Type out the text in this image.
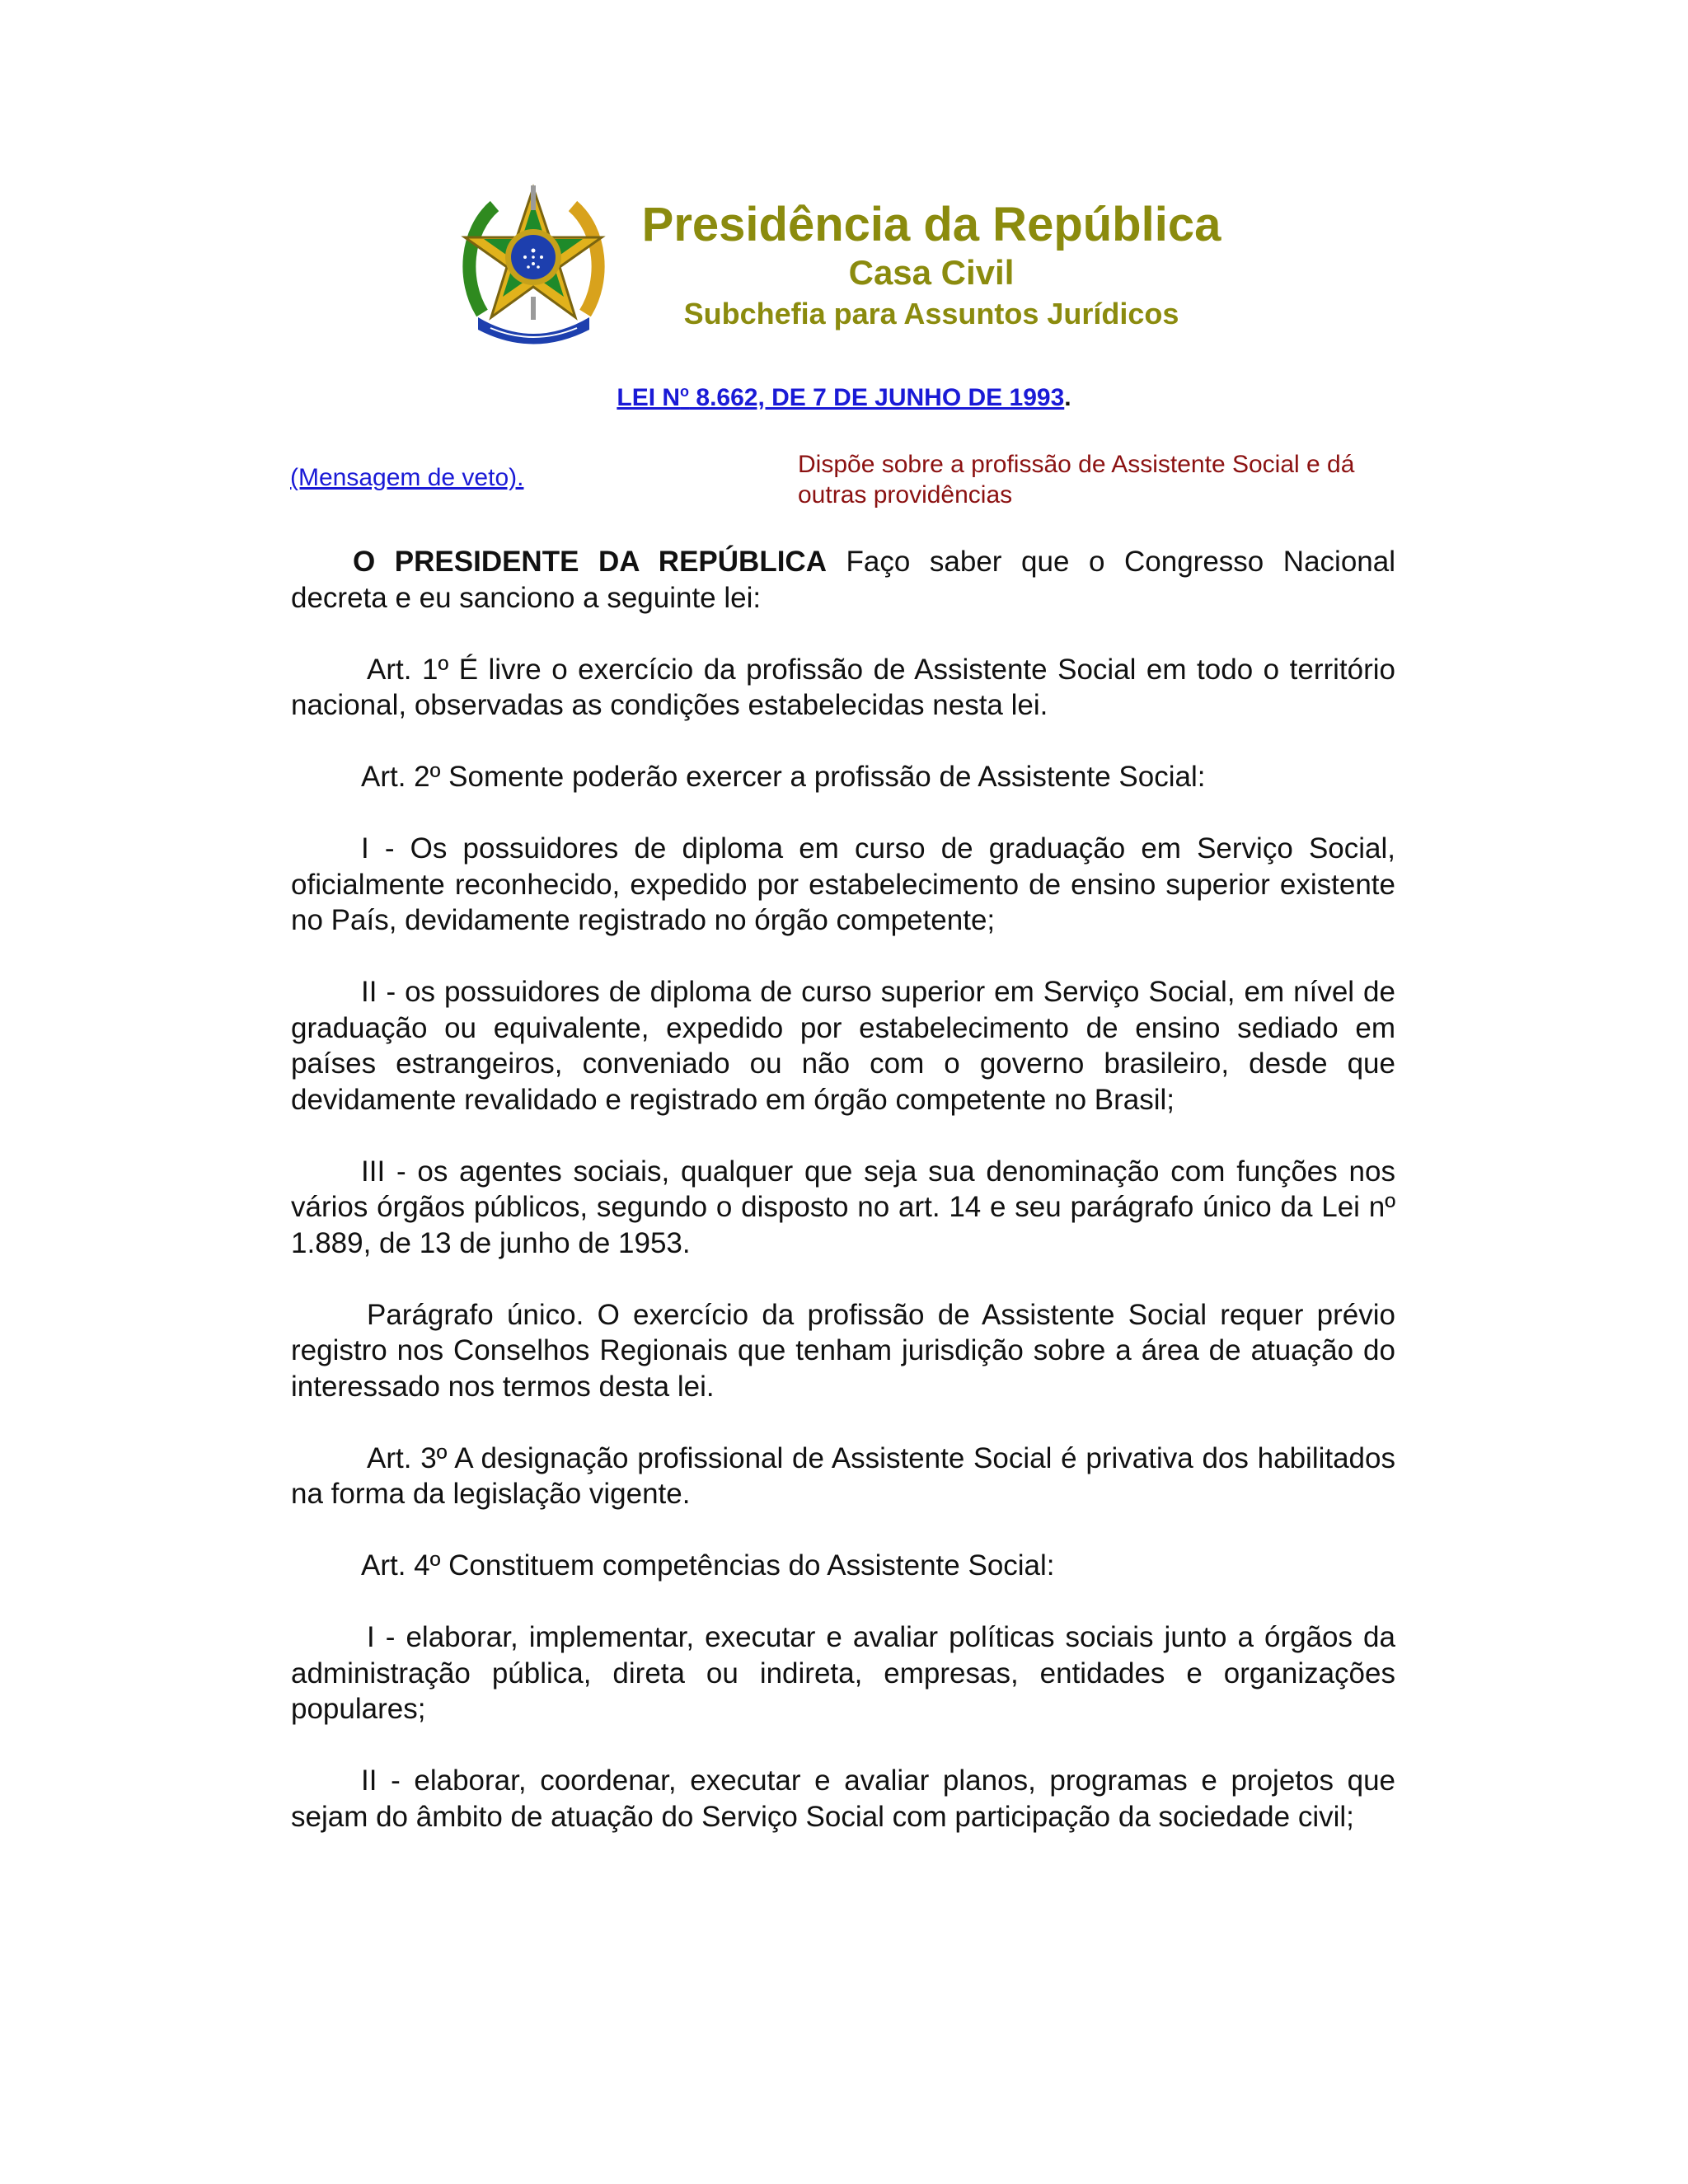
Presidência da República
Casa Civil
Subchefia para Assuntos Jurídicos
LEI $N^o$ 8.662, DE 7 DE JUNHO DE 1993.
(Mensagem de veto).	Dispõe sobre a profissão de Assistente Social e dá outras providências

O PRESIDENTE DA REPÚBLICA Faço saber que o Congresso Nacional decreta e eu sanciono a seguinte lei:

Art. 1º É livre o exercício da profissão de Assistente Social em todo o território nacional, observadas as condições estabelecidas nesta lei.

Art. 2º Somente poderão exercer a profissão de Assistente Social:

I - Os possuidores de diploma em curso de graduação em Serviço Social, oficialmente reconhecido, expedido por estabelecimento de ensino superior existente no País, devidamente registrado no órgão competente;

II - os possuidores de diploma de curso superior em Serviço Social, em nível de graduação ou equivalente, expedido por estabelecimento de ensino sediado em países estrangeiros, conveniado ou não com o governo brasileiro, desde que devidamente revalidado e registrado em órgão competente no Brasil;

III - os agentes sociais, qualquer que seja sua denominação com funções nos vários órgãos públicos, segundo o disposto no art. 14 e seu parágrafo único da Lei nº 1.889, de 13 de junho de 1953.

Parágrafo único. O exercício da profissão de Assistente Social requer prévio registro nos Conselhos Regionais que tenham jurisdição sobre a área de atuação do interessado nos termos desta lei.

Art. 3º A designação profissional de Assistente Social é privativa dos habilitados na forma da legislação vigente.

Art. 4º Constituem competências do Assistente Social:

I - elaborar, implementar, executar e avaliar políticas sociais junto a órgãos da administração pública, direta ou indireta, empresas, entidades e organizações populares;

II - elaborar, coordenar, executar e avaliar planos, programas e projetos que sejam do âmbito de atuação do Serviço Social com participação da sociedade civil;
